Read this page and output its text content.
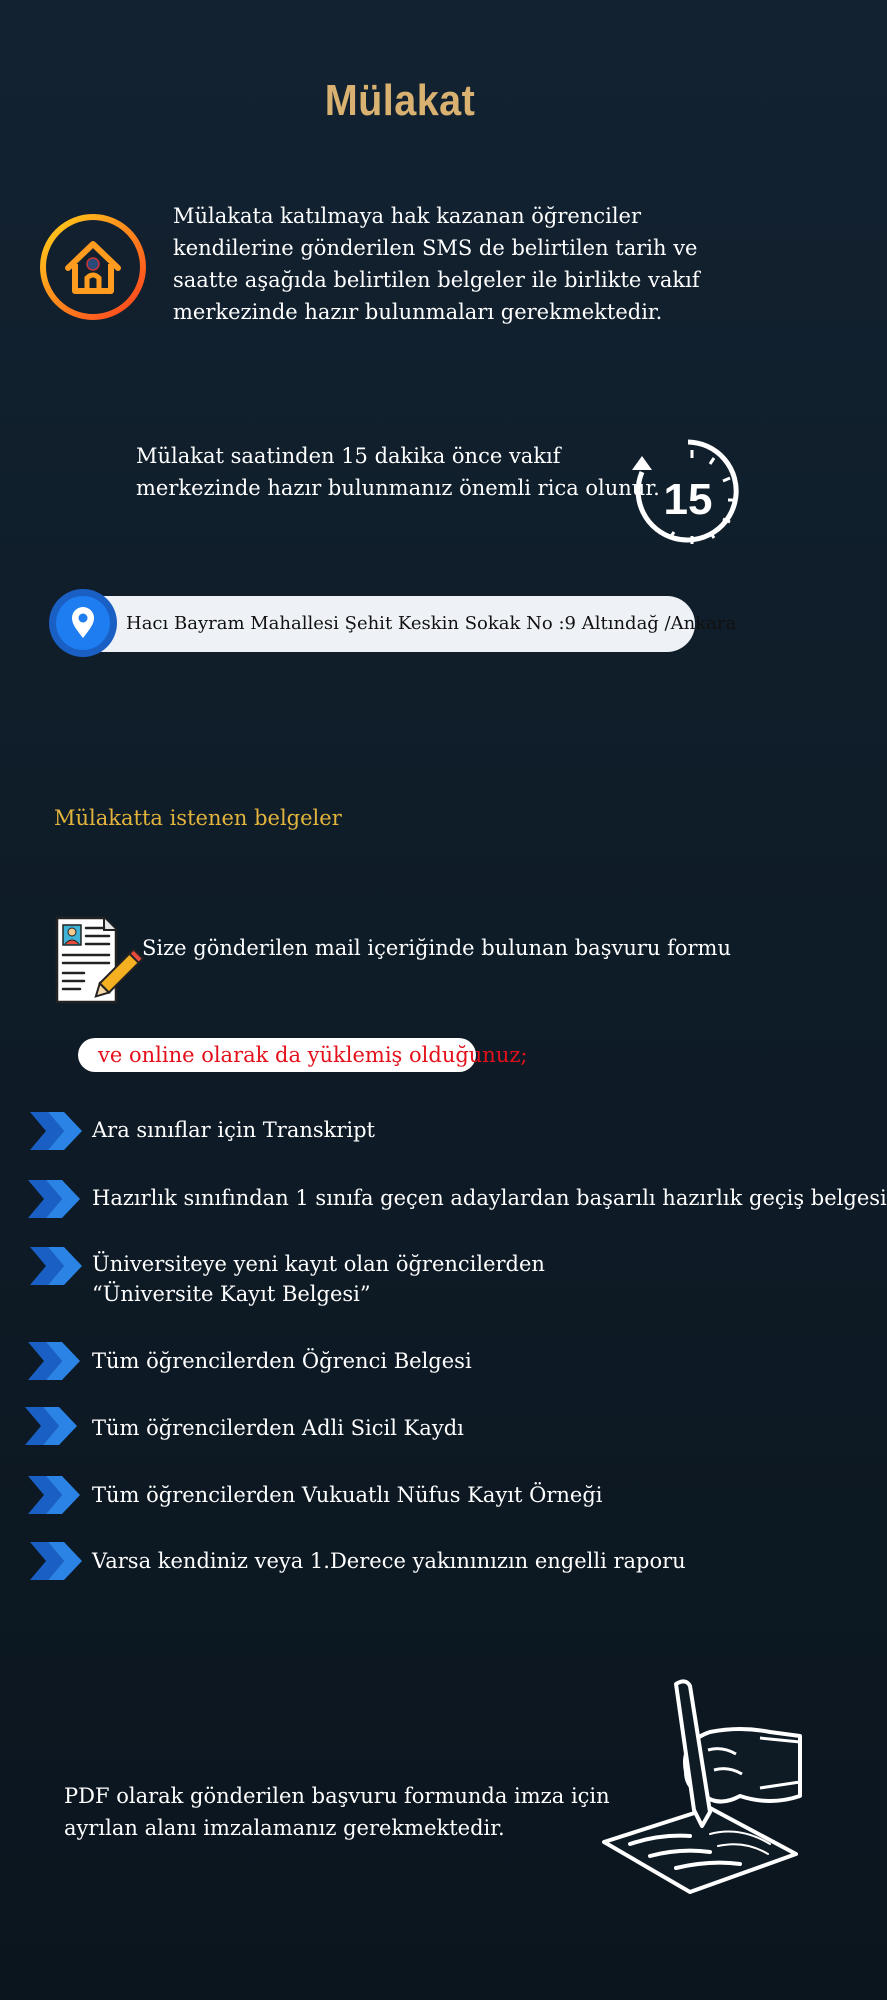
Mülakat
Mülakata katılmaya hak kazanan öğrenciler kendilerine gönderilen SMS de belirtilen tarih ve saatte aşağıda belirtilen belgeler ile birlikte vakıf merkezinde hazır bulunmaları gerekmektedir.
Mülakat saatinden 15 dakika önce vakıf merkezinde hazır bulunmanız önemli rica olunur. 15
Hacı Bayram Mahallesi Şehit Keskin Sokak No :9 Altındağ /Ankara
Mülakatta istenen belgeler
Size gönderilen mail içeriğinde bulunan başvuru formu
ve online olarak da yüklemiş olduğunuz;
Ara sınıflar için Transkript
Hazırlık sınıfından 1 sınıfa geçen adaylardan başarılı hazırlık geçiş belgesi
Üniversiteye yeni kayıt olan öğrencilerden “Üniversite Kayıt Belgesi”
Tüm öğrencilerden Öğrenci Belgesi
Tüm öğrencilerden Adli Sicil Kaydı
Tüm öğrencilerden Vukuatlı Nüfus Kayıt Örneği
Varsa kendiniz veya 1.Derece yakınınızın engelli raporu
PDF olarak gönderilen başvuru formunda imza için ayrılan alanı imzalamanız gerekmektedir.
